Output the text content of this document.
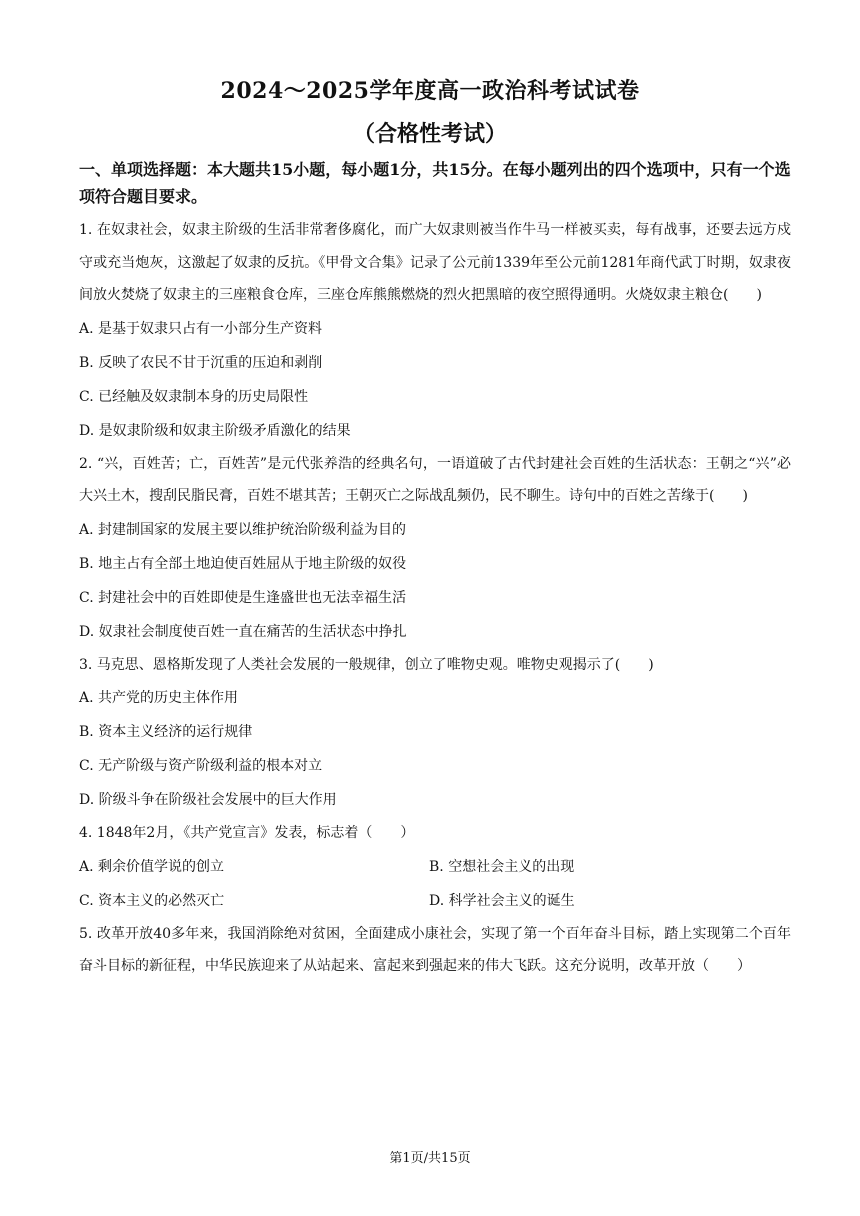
2024～2025学年度高一政治科考试试卷
（合格性考试）

一、单项选择题：本大题共15小题，每小题1分，共15分。在每小题列出的四个选项中，只有一个选项符合题目要求。

1. 在奴隶社会，奴隶主阶级的生活非常奢侈腐化，而广大奴隶则被当作牛马一样被买卖，每有战事，还要去远方戍守或充当炮灰，这激起了奴隶的反抗。《甲骨文合集》记录了公元前1339年至公元前1281年商代武丁时期，奴隶夜间放火焚烧了奴隶主的三座粮食仓库，三座仓库熊熊燃烧的烈火把黑暗的夜空照得通明。火烧奴隶主粮仓(　　)

A. 是基于奴隶只占有一小部分生产资料

B. 反映了农民不甘于沉重的压迫和剥削

C. 已经触及奴隶制本身的历史局限性

D. 是奴隶阶级和奴隶主阶级矛盾激化的结果

2. “兴，百姓苦；亡，百姓苦”是元代张养浩的经典名句，一语道破了古代封建社会百姓的生活状态：王朝之“兴”必大兴土木，搜刮民脂民膏，百姓不堪其苦；王朝灭亡之际战乱频仍，民不聊生。诗句中的百姓之苦缘于(　　)

A. 封建制国家的发展主要以维护统治阶级利益为目的

B. 地主占有全部土地迫使百姓屈从于地主阶级的奴役

C. 封建社会中的百姓即使是生逢盛世也无法幸福生活

D. 奴隶社会制度使百姓一直在痛苦的生活状态中挣扎

3. 马克思、恩格斯发现了人类社会发展的一般规律，创立了唯物史观。唯物史观揭示了(　　)

A. 共产党的历史主体作用

B. 资本主义经济的运行规律

C. 无产阶级与资产阶级利益的根本对立

D. 阶级斗争在阶级社会发展中的巨大作用

4. 1848年2月，《共产党宣言》发表，标志着（　　）

A. 剩余价值学说的创立	B. 空想社会主义的出现
C. 资本主义的必然灭亡	D. 科学社会主义的诞生

5. 改革开放40多年来，我国消除绝对贫困，全面建成小康社会，实现了第一个百年奋斗目标，踏上实现第二个百年奋斗目标的新征程，中华民族迎来了从站起来、富起来到强起来的伟大飞跃。这充分说明，改革开放（　　）

第1页/共15页
